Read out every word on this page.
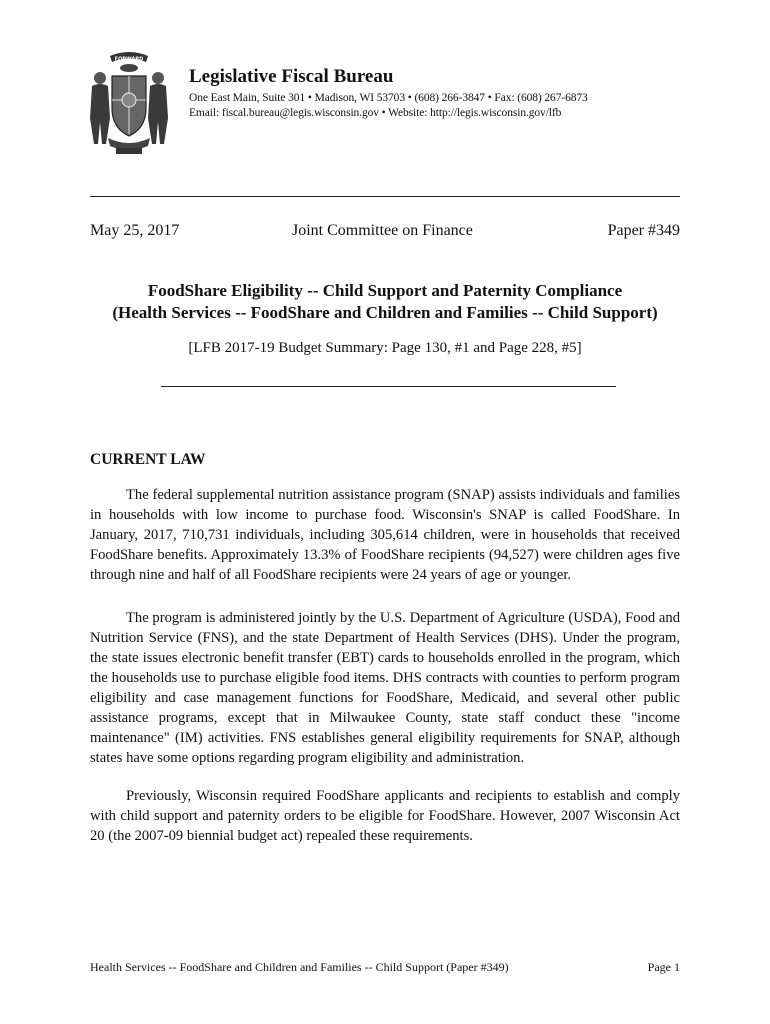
FORWARD
Legislative Fiscal Bureau
One East Main, Suite 301 • Madison, WI 53703 • (608) 266-3847 • Fax: (608) 267-6873
Email: fiscal.bureau@legis.wisconsin.gov • Website: http://legis.wisconsin.gov/lfb
May 25, 2017	Joint Committee on Finance	Paper #349
FoodShare Eligibility -- Child Support and Paternity Compliance
(Health Services -- FoodShare and Children and Families -- Child Support)
[LFB 2017-19 Budget Summary: Page 130, #1 and Page 228, #5]
CURRENT LAW

The federal supplemental nutrition assistance program (SNAP) assists individuals and families in households with low income to purchase food. Wisconsin's SNAP is called FoodShare. In January, 2017, 710,731 individuals, including 305,614 children, were in households that received FoodShare benefits. Approximately 13.3% of FoodShare recipients (94,527) were children ages five through nine and half of all FoodShare recipients were 24 years of age or younger.

The program is administered jointly by the U.S. Department of Agriculture (USDA), Food and Nutrition Service (FNS), and the state Department of Health Services (DHS). Under the program, the state issues electronic benefit transfer (EBT) cards to households enrolled in the program, which the households use to purchase eligible food items. DHS contracts with counties to perform program eligibility and case management functions for FoodShare, Medicaid, and several other public assistance programs, except that in Milwaukee County, state staff conduct these "income maintenance" (IM) activities. FNS establishes general eligibility requirements for SNAP, although states have some options regarding program eligibility and administration.

Previously, Wisconsin required FoodShare applicants and recipients to establish and comply with child support and paternity orders to be eligible for FoodShare. However, 2007 Wisconsin Act 20 (the 2007-09 biennial budget act) repealed these requirements.

Health Services -- FoodShare and Children and Families -- Child Support (Paper #349)	Page 1
